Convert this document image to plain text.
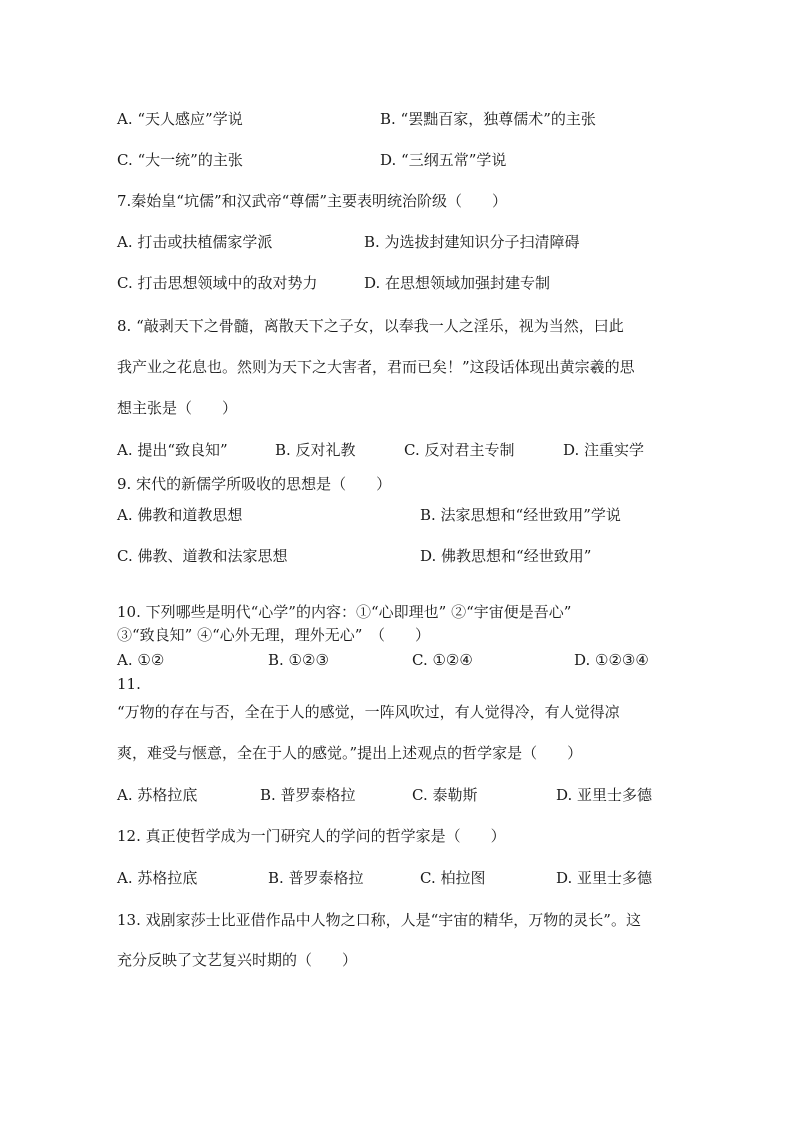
A. “天人感应”学说	B. “罢黜百家，独尊儒术”的主张
C. “大一统”的主张	D. “三纲五常”学说
7.秦始皇“坑儒”和汉武帝“尊儒”主要表明统治阶级（　　）
A. 打击或扶植儒家学派	B. 为选拔封建知识分子扫清障碍
C. 打击思想领域中的敌对势力	D. 在思想领域加强封建专制
8. “敲剥天下之骨髓，离散天下之子女，以奉我一人之淫乐，视为当然，曰此
我产业之花息也。然则为天下之大害者，君而已矣！”这段话体现出黄宗羲的思
想主张是（　　）
A. 提出“致良知”	B. 反对礼教	C. 反对君主专制	D. 注重实学
9. 宋代的新儒学所吸收的思想是（　　）
A. 佛教和道教思想	B. 法家思想和“经世致用”学说
C. 佛教、道教和法家思想	D. 佛教思想和“经世致用”
10. 下列哪些是明代“心学”的内容：①“心即理也” ②“宇宙便是吾心”
③“致良知” ④“心外无理，理外无心”　（　　）
A. ①②	B. ①②③	C. ①②④	D. ①②③④
11.
“万物的存在与否，全在于人的感觉，一阵风吹过，有人觉得冷，有人觉得凉
爽，难受与惬意，全在于人的感觉。”提出上述观点的哲学家是（　　）
A. 苏格拉底	B. 普罗泰格拉	C. 泰勒斯	D. 亚里士多德
12. 真正使哲学成为一门研究人的学问的哲学家是（　　）
A. 苏格拉底	B. 普罗泰格拉	C. 柏拉图	D. 亚里士多德
13. 戏剧家莎士比亚借作品中人物之口称，人是“宇宙的精华，万物的灵长”。这
充分反映了文艺复兴时期的（　　）
